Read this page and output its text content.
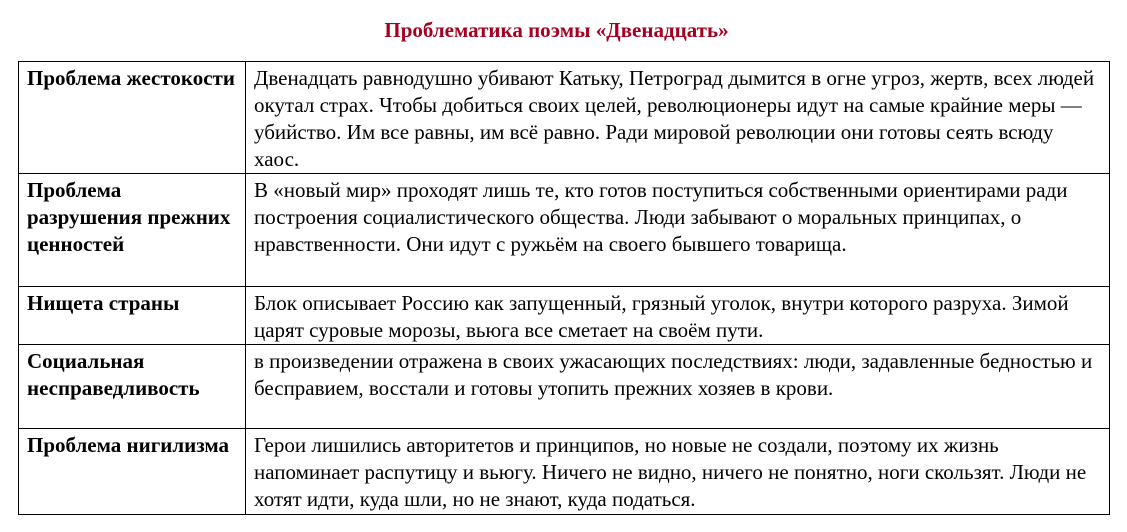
Проблематика поэмы «Двенадцать»
Проблема жестокости	Двенадцать равнодушно убивают Катьку, Петроград дымится в огне угроз, жертв, всех людей окутал страх. Чтобы добиться своих целей, революционеры идут на самые крайние меры — убийство. Им все равны, им всё равно. Ради мировой революции они готовы сеять всюду хаос.
Проблема разрушения прежних ценностей	В «новый мир» проходят лишь те, кто готов поступиться собственными ориентирами ради построения социалистического общества. Люди забывают о моральных принципах, о нравственности. Они идут с ружьём на своего бывшего товарища.
Нищета страны	Блок описывает Россию как запущенный, грязный уголок, внутри которого разруха. Зимой царят суровые морозы, вьюга все сметает на своём пути.
Социальная несправедливость	в произведении отражена в своих ужасающих последствиях: люди, задавленные бедностью и бесправием, восстали и готовы утопить прежних хозяев в крови.
Проблема нигилизма	Герои лишились авторитетов и принципов, но новые не создали, поэтому их жизнь напоминает распутицу и вьюгу. Ничего не видно, ничего не понятно, ноги скользят. Люди не хотят идти, куда шли, но не знают, куда податься.
